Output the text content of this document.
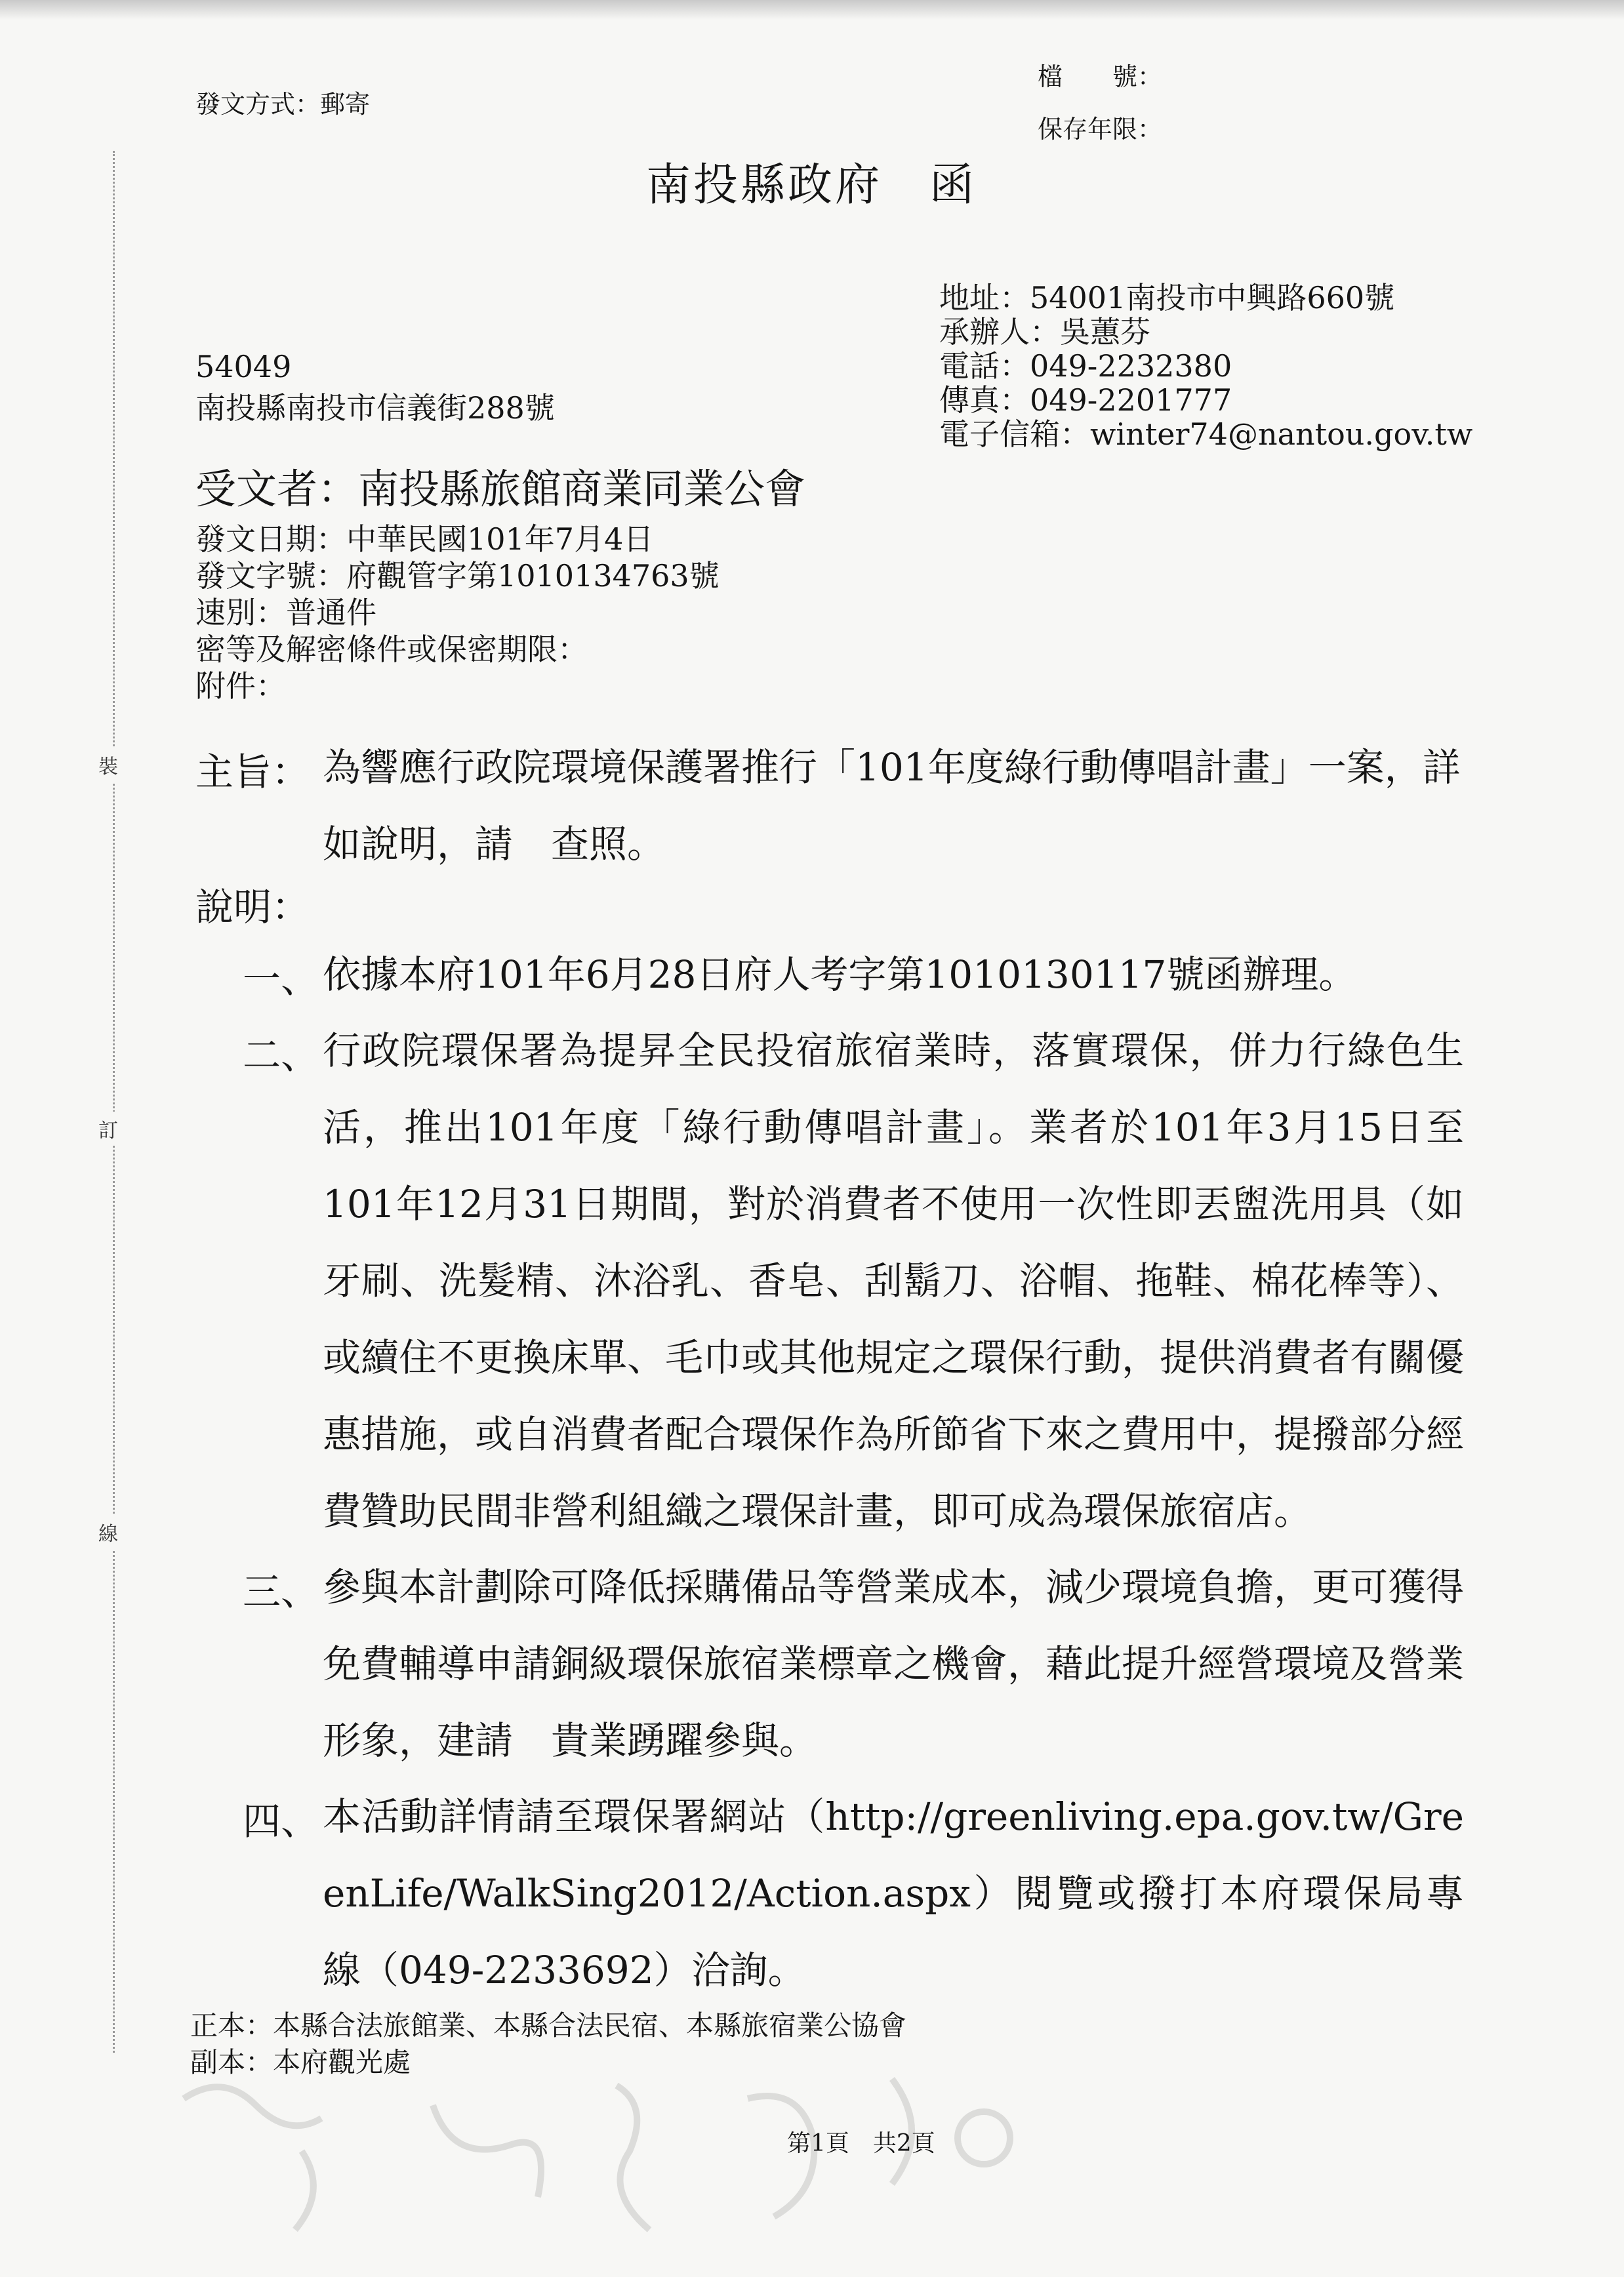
裝
訂
線
發文方式：郵寄
檔　　號：
保存年限：
南投縣政府　函
地址：54001南投市中興路660號
承辦人：吳蕙芬
電話：049-2232380
傳真：049-2201777
電子信箱：winter74@nantou.gov.tw
54049
南投縣南投市信義街288號
受文者：南投縣旅館商業同業公會
發文日期：中華民國101年7月4日
發文字號：府觀管字第1010134763號
速別：普通件
密等及解密條件或保密期限：
附件：
主旨： 為響應行政院環境保護署推行「101年度綠行動傳唱計畫」一案，詳如說明，請　查照。
說明：
一、 依據本府101年6月28日府人考字第1010130117號函辦理。
二、 行政院環保署為提昇全民投宿旅宿業時，落實環保，併力行綠色生活，推出101年度「綠行動傳唱計畫」。業者於101年3月15日至101年12月31日期間，對於消費者不使用一次性即丟盥洗用具（如牙刷、洗髮精、沐浴乳、香皂、刮鬍刀、浴帽、拖鞋、棉花棒等）、或續住不更換床單、毛巾或其他規定之環保行動，提供消費者有關優惠措施，或自消費者配合環保作為所節省下來之費用中，提撥部分經費贊助民間非營利組織之環保計畫，即可成為環保旅宿店。
三、 參與本計劃除可降低採購備品等營業成本，減少環境負擔，更可獲得免費輔導申請銅級環保旅宿業標章之機會，藉此提升經營環境及營業形象，建請　貴業踴躍參與。
四、 本活動詳情請至環保署網站（http://greenliving.epa.gov.tw/GreenLife/WalkSing2012/Action.aspx）閱覽或撥打本府環保局專線（049-2233692）洽詢。
正本：本縣合法旅館業、本縣合法民宿、本縣旅宿業公協會
副本：本府觀光處
第1頁　共2頁
